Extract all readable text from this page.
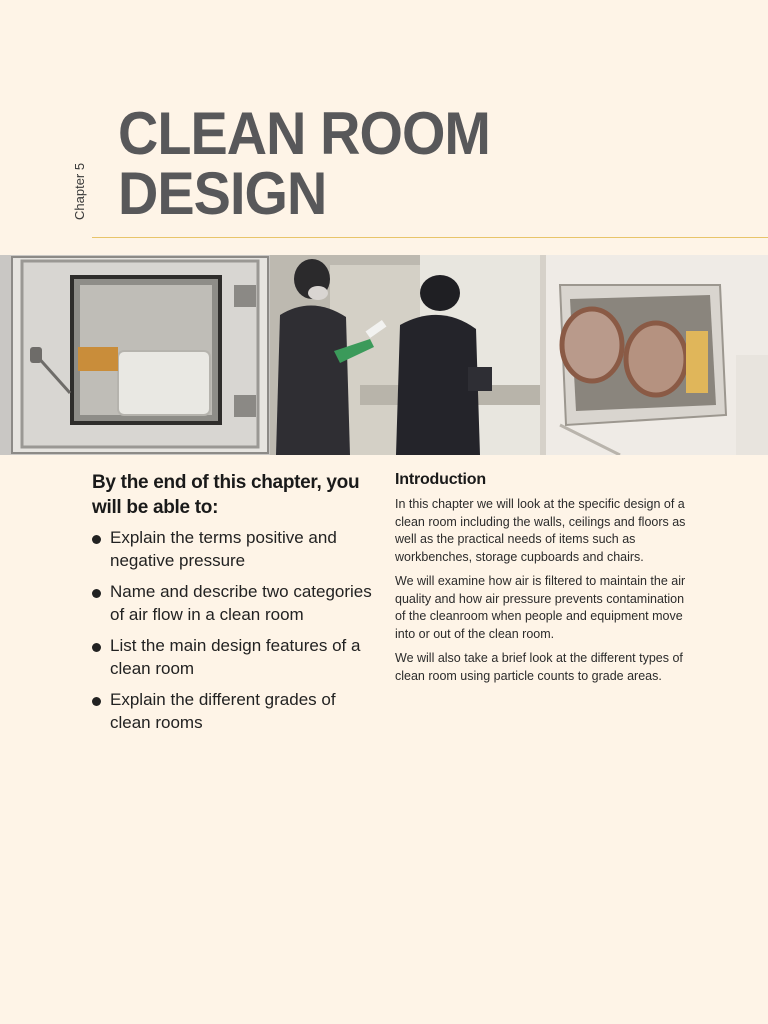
Chapter 5
CLEAN ROOM
DESIGN
By the end of this chapter, you will be able to:
Explain the terms positive and negative pressure
Name and describe two categories of air flow in a clean room
List the main design features of a clean room
Explain the different grades of clean rooms
Introduction

In this chapter we will look at the specific design of a clean room including the walls, ceilings and floors as well as the practical needs of items such as workbenches, storage cupboards and chairs.

We will examine how air is filtered to maintain the air quality and how air pressure prevents contamination of the cleanroom when people and equipment move into or out of the clean room.

We will also take a brief look at the different types of clean room using particle counts to grade areas.
